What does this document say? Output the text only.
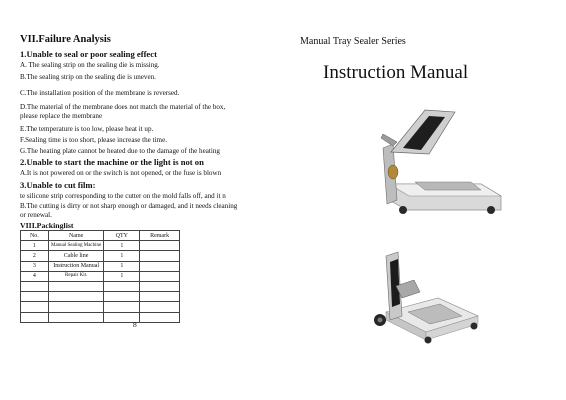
VII.Failure Analysis
1.Unable to seal or poor sealing effect
A. The sealing strip on the sealing die is missing.
B.The sealing strip on the sealing die is uneven.
C.The installation position of the membrane is reversed.
D.The material of the membrane does not match the material of the box,
please replace the membrane
E.The temperature is too low, please heat it up.
F.Sealing time is too short, please increase the time.
G.The heating plate cannot be heated due to the damage of the heating
2.Unable to start the machine or the light is not on
A.It is not powered on or the switch is not opened, or the fuse is blown
3.Unable to cut film:
te silicone strip corresponding to the cutter on the mold falls off, and it n
B.The cutting is dirty or not sharp enough or damaged, and it needs cleaning
or renewal.
VIII.Packinglist
No.	Name	QTY	Remark
1	Manual Sealing Machine	1	
2	Cable line	1	
3	Instruction Manual	1	
4	Repair Kit.	1	

8
Manual Tray Sealer Series
Instruction Manual
